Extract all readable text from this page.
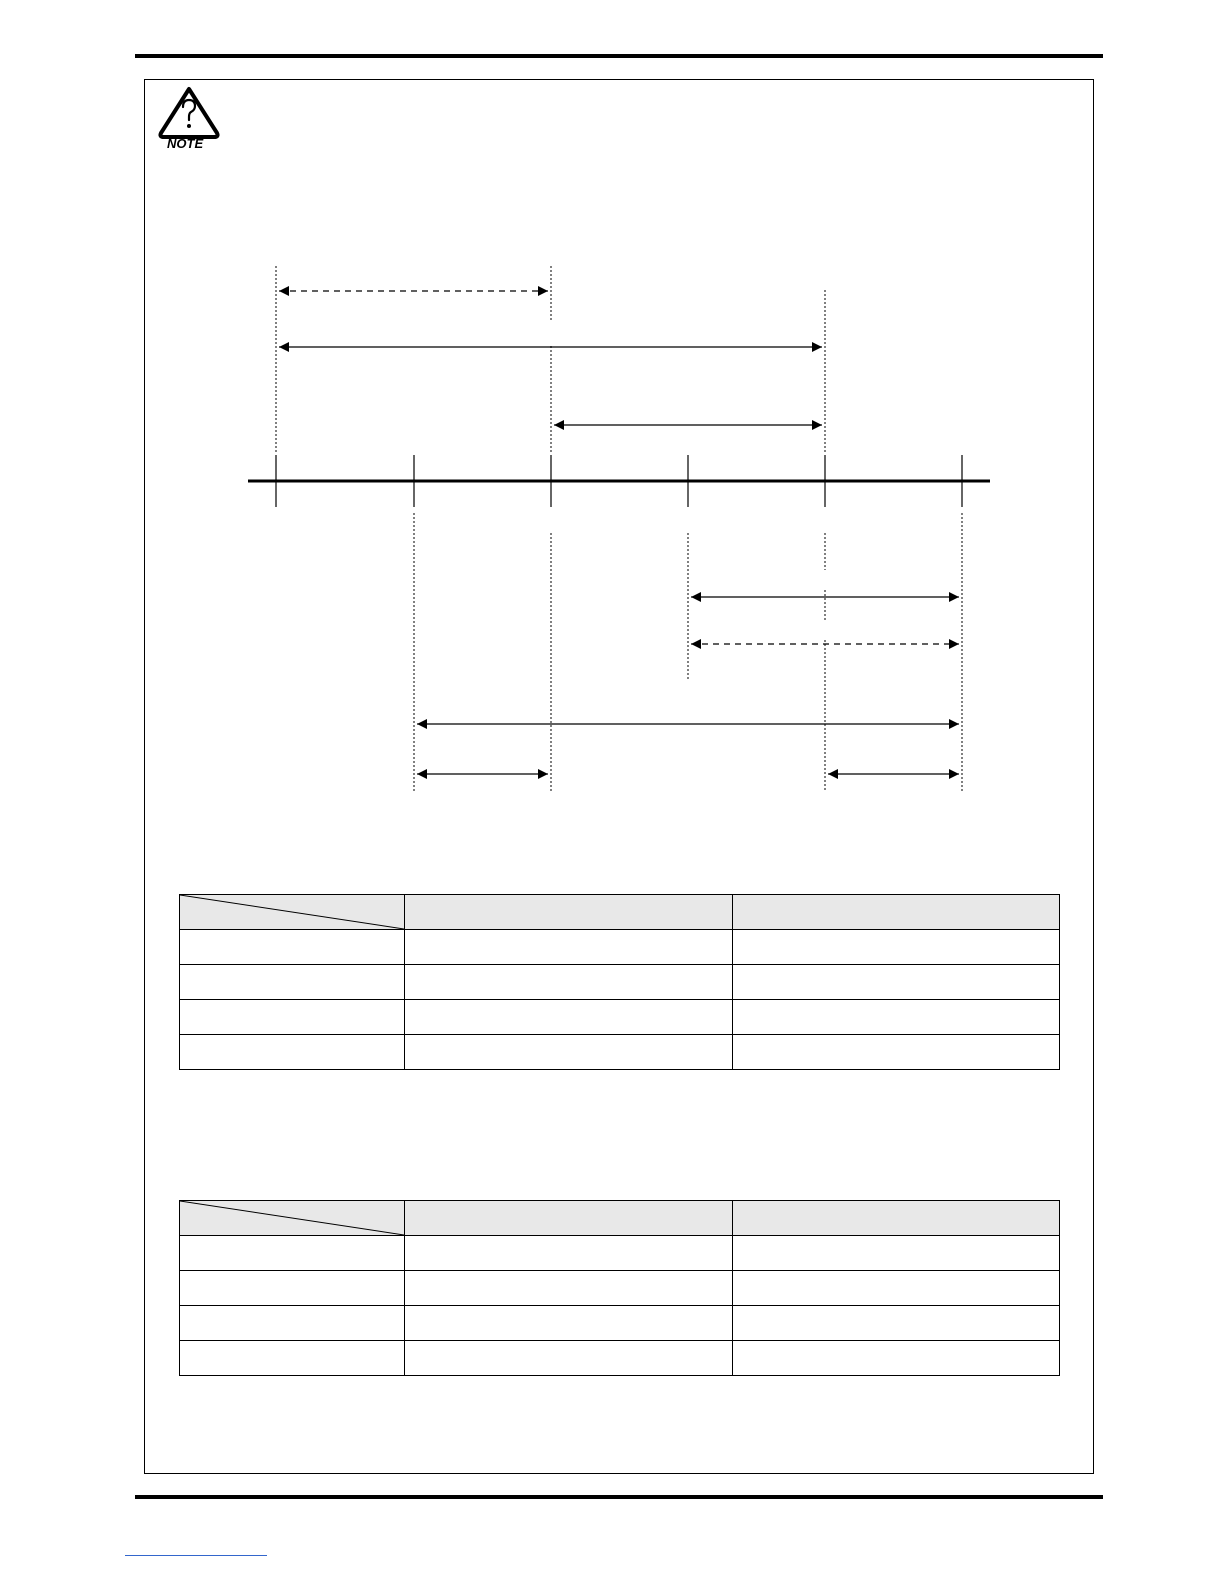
NOTE
